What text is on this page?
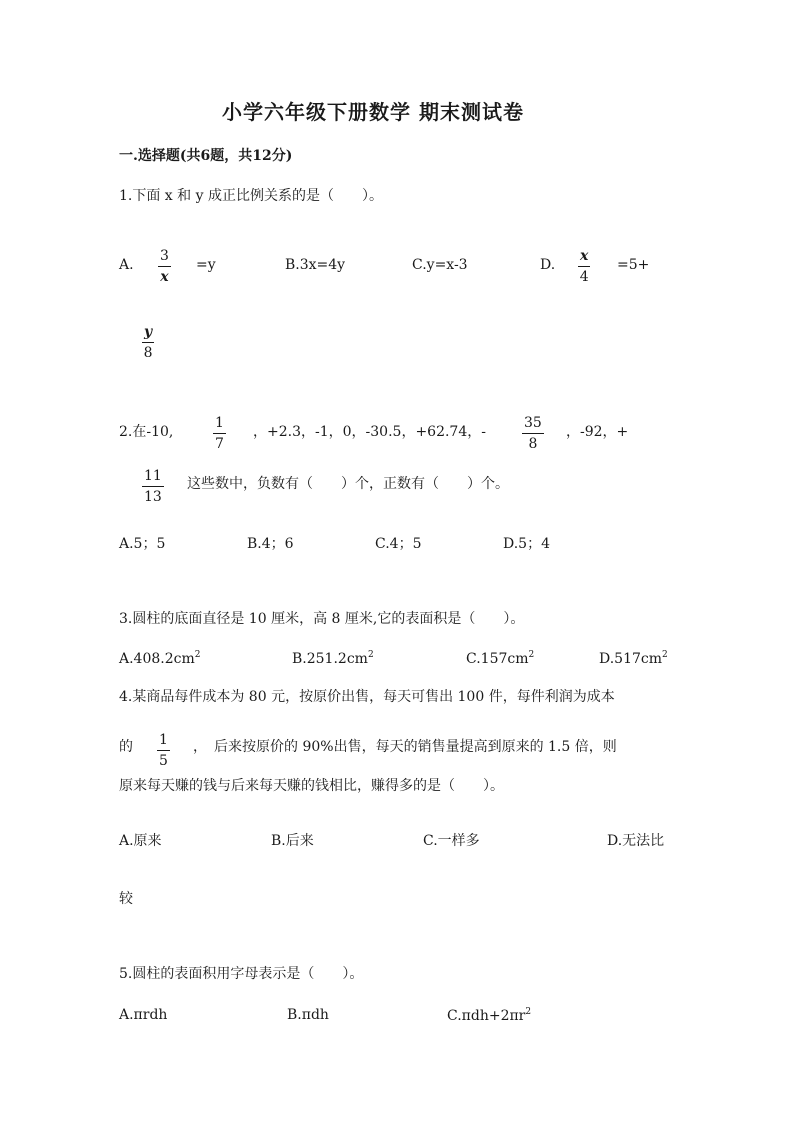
小学六年级下册数学 期末测试卷
一.选择题(共6题，共12分)
1.下面 x 和 y 成正比例关系的是（　　）。
A. $\frac{3}{x} =y$	B.3x=4y	C.y=x-3	D. $\frac{x}{4} =5+$
$\frac{y}{8}$
2.在-10,	$\frac{1}{7}$ ，+2.3，-1，0，-30.5，+62.74，-	$\frac{35}{8}$ ，-92，+
$\frac{11}{13}$ 这些数中，负数有（　　）个，正数有（　　）个。
A.5；5	B.4；6	C.4；5	D.5；4
3.圆柱的底面直径是 10 厘米，高 8 厘米,它的表面积是（　　）。
$A.408.2cm^2$	$B.251.2cm^2$	$C.157cm^2$	$D.517cm^2$
4.某商品每件成本为 80 元，按原价出售，每天可售出 100 件，每件利润为成本
的 $\frac{1}{5}$ ，　后来按原价的 90%出售，每天的销售量提高到原来的 1.5 倍，则
原来每天赚的钱与后来每天赚的钱相比，赚得多的是（　　）。
A.原来	B.后来	C.一样多	D.无法比
较
5.圆柱的表面积用字母表示是（　　）。
A.πrdh	B.πdh	$C.\pi dh+2\pi r^2$
